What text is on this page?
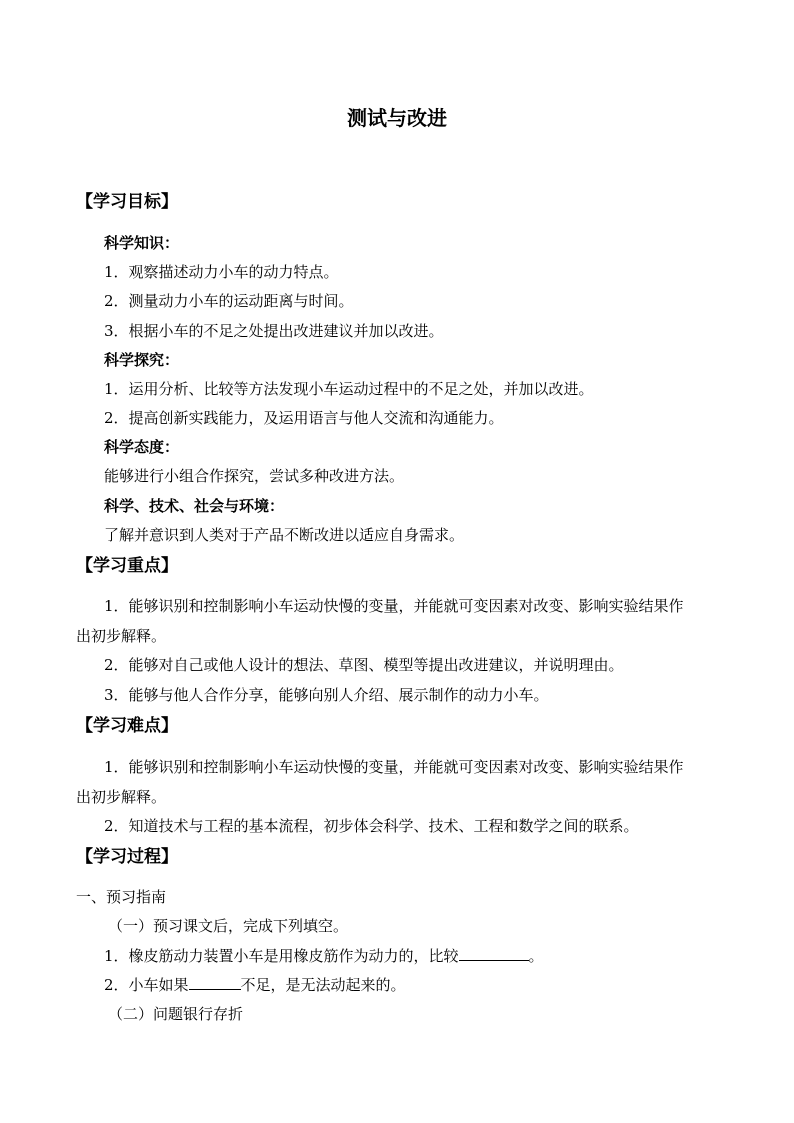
测试与改进
【学习目标】
科学知识：
1．观察描述动力小车的动力特点。
2．测量动力小车的运动距离与时间。
3．根据小车的不足之处提出改进建议并加以改进。
科学探究：
1．运用分析、比较等方法发现小车运动过程中的不足之处，并加以改进。
2．提高创新实践能力，及运用语言与他人交流和沟通能力。
科学态度：
能够进行小组合作探究，尝试多种改进方法。
科学、技术、社会与环境：
了解并意识到人类对于产品不断改进以适应自身需求。
【学习重点】
1．能够识别和控制影响小车运动快慢的变量，并能就可变因素对改变、影响实验结果作
出初步解释。
2．能够对自己或他人设计的想法、草图、模型等提出改进建议，并说明理由。
3．能够与他人合作分享，能够向别人介绍、展示制作的动力小车。
【学习难点】
1．能够识别和控制影响小车运动快慢的变量，并能就可变因素对改变、影响实验结果作
出初步解释。
2．知道技术与工程的基本流程，初步体会科学、技术、工程和数学之间的联系。
【学习过程】
一、预习指南
（一）预习课文后，完成下列填空。
1．橡皮筋动力装置小车是用橡皮筋作为动力的，比较	。
2．小车如果	不足，是无法动起来的。
（二）问题银行存折
